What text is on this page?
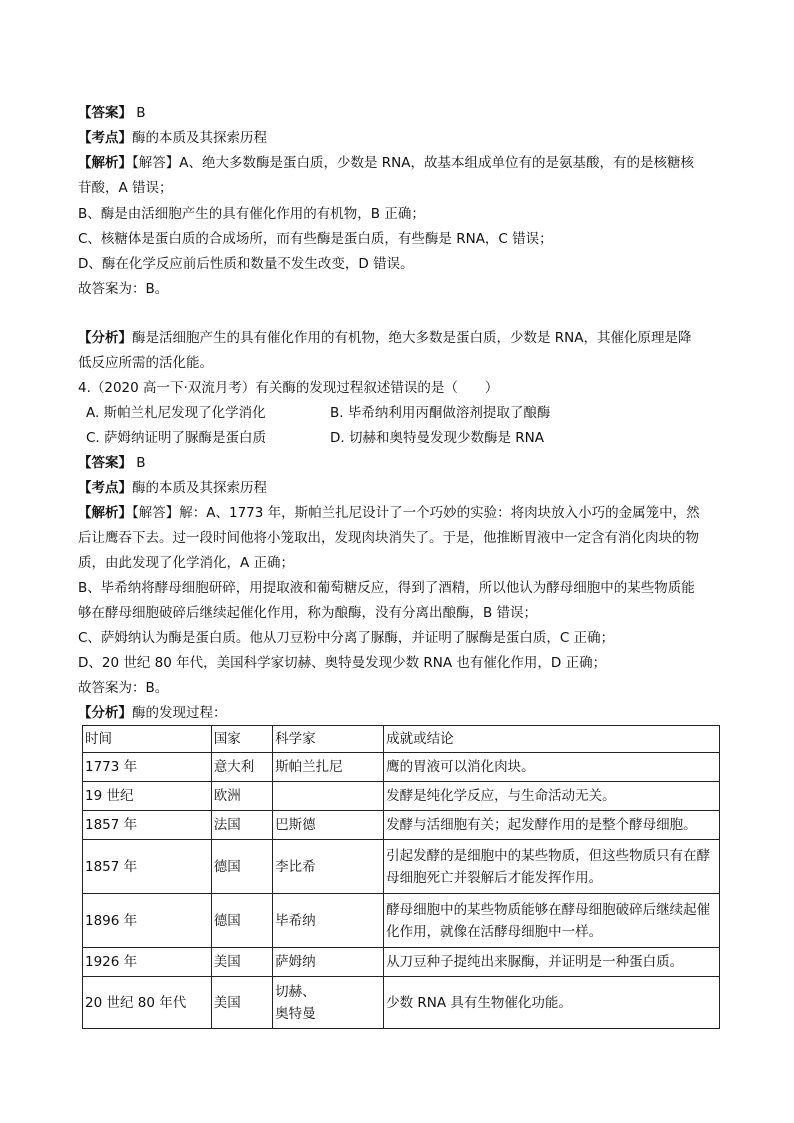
【答案】 B
【考点】酶的本质及其探索历程
【解析】【解答】A、绝大多数酶是蛋白质，少数是 RNA，故基本组成单位有的是氨基酸，有的是核糖核
苷酸，A 错误；
B、酶是由活细胞产生的具有催化作用的有机物，B 正确；
C、核糖体是蛋白质的合成场所，而有些酶是蛋白质，有些酶是 RNA，C 错误；
D、酶在化学反应前后性质和数量不发生改变，D 错误。
故答案为：B。
【分析】酶是活细胞产生的具有催化作用的有机物，绝大多数是蛋白质，少数是 RNA，其催化原理是降
低反应所需的活化能。
4.（2020 高一下·双流月考）有关酶的发现过程叙述错误的是（　　）
A. 斯帕兰札尼发现了化学消化	B. 毕希纳利用丙酮做溶剂提取了酿酶
C. 萨姆纳证明了脲酶是蛋白质	D. 切赫和奥特曼发现少数酶是 RNA
【答案】 B
【考点】酶的本质及其探索历程
【解析】【解答】解：A、1773 年，斯帕兰扎尼设计了一个巧妙的实验：将肉块放入小巧的金属笼中，然
后让鹰吞下去。过一段时间他将小笼取出，发现肉块消失了。于是，他推断胃液中一定含有消化肉块的物
质，由此发现了化学消化，A 正确；
B、毕希纳将酵母细胞研碎，用提取液和葡萄糖反应，得到了酒精，所以他认为酵母细胞中的某些物质能
够在酵母细胞破碎后继续起催化作用，称为酿酶，没有分离出酿酶，B 错误；
C、萨姆纳认为酶是蛋白质。他从刀豆粉中分离了脲酶，并证明了脲酶是蛋白质，C 正确；
D、20 世纪 80 年代，美国科学家切赫、奥特曼发现少数 RNA 也有催化作用，D 正确；
故答案为：B。
【分析】酶的发现过程：
时间	国家	科学家	成就或结论
1773 年	意大利	斯帕兰扎尼	鹰的胃液可以消化肉块。
19 世纪	欧洲		发酵是纯化学反应，与生命活动无关。
1857 年	法国	巴斯德	发酵与活细胞有关；起发酵作用的是整个酵母细胞。
1857 年	德国	李比希	引起发酵的是细胞中的某些物质，但这些物质只有在酵母细胞死亡并裂解后才能发挥作用。
1896 年	德国	毕希纳	酵母细胞中的某些物质能够在酵母细胞破碎后继续起催化作用，就像在活酵母细胞中一样。
1926 年	美国	萨姆纳	从刀豆种子提纯出来脲酶，并证明是一种蛋白质。
20 世纪 80 年代	美国	切赫、
奥特曼	少数 RNA 具有生物催化功能。
